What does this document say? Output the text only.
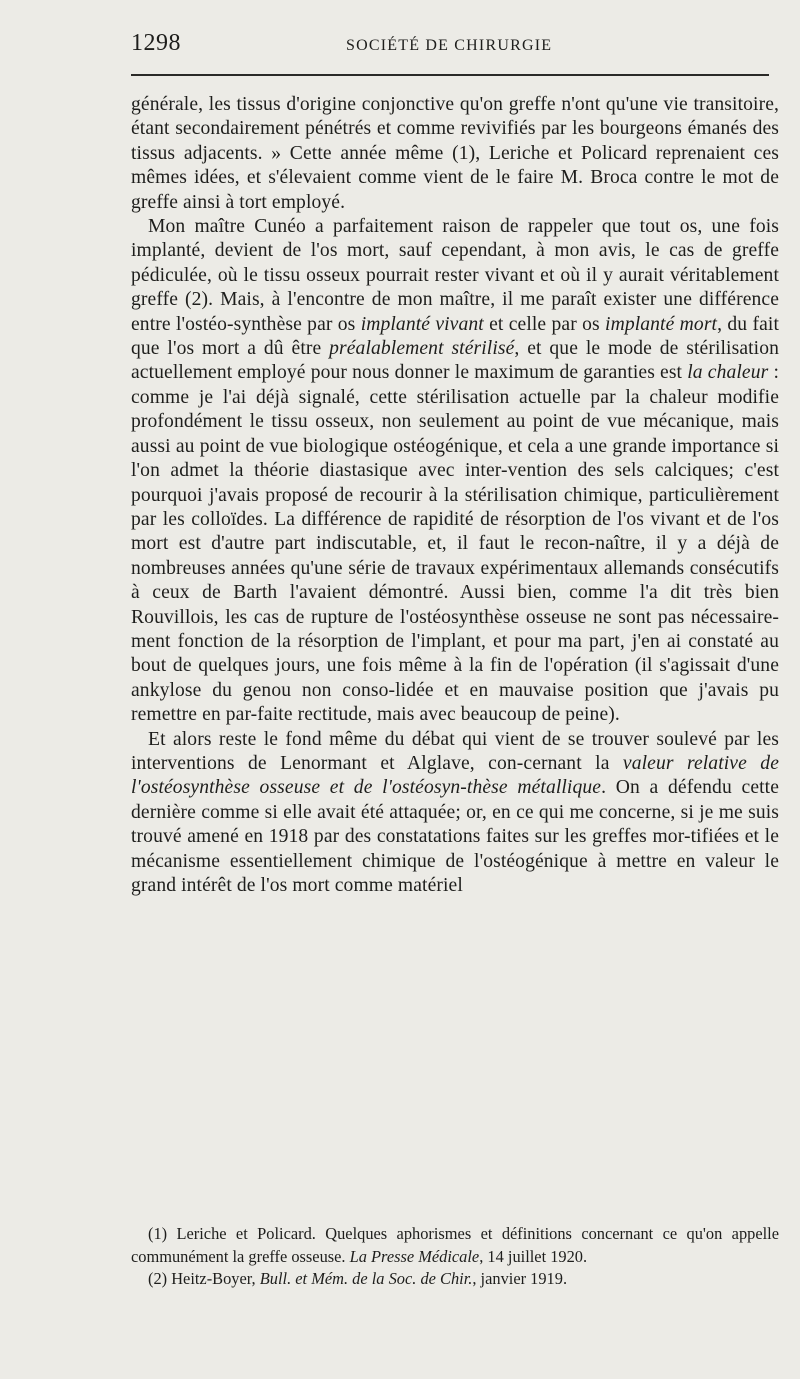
1298	SOCIÉTÉ DE CHIRURGIE

générale, les tissus d'origine conjonctive qu'on greffe n'ont qu'une vie transitoire, étant secondairement pénétrés et comme revivifiés par les bourgeons émanés des tissus adjacents. » Cette année même (1), Leriche et Policard reprenaient ces mêmes idées, et s'élevaient comme vient de le faire M. Broca contre le mot de greffe ainsi à tort employé.

Mon maître Cunéo a parfaitement raison de rappeler que tout os, une fois implanté, devient de l'os mort, sauf cependant, à mon avis, le cas de greffe pédiculée, où le tissu osseux pourrait rester vivant et où il y aurait véritablement greffe (2). Mais, à l'encontre de mon maître, il me paraît exister une différence entre l'ostéo-synthèse par os implanté vivant et celle par os implanté mort, du fait que l'os mort a dû être préalablement stérilisé, et que le mode de stérilisation actuellement employé pour nous donner le maximum de garanties est la chaleur : comme je l'ai déjà signalé, cette stérilisation actuelle par la chaleur modifie profondément le tissu osseux, non seulement au point de vue mécanique, mais aussi au point de vue biologique ostéogénique, et cela a une grande importance si l'on admet la théorie diastasique avec inter-vention des sels calciques; c'est pourquoi j'avais proposé de recourir à la stérilisation chimique, particulièrement par les colloïdes. La différence de rapidité de résorption de l'os vivant et de l'os mort est d'autre part indiscutable, et, il faut le recon-naître, il y a déjà de nombreuses années qu'une série de travaux expérimentaux allemands consécutifs à ceux de Barth l'avaient démontré. Aussi bien, comme l'a dit très bien Rouvillois, les cas de rupture de l'ostéosynthèse osseuse ne sont pas nécessaire-ment fonction de la résorption de l'implant, et pour ma part, j'en ai constaté au bout de quelques jours, une fois même à la fin de l'opération (il s'agissait d'une ankylose du genou non conso-lidée et en mauvaise position que j'avais pu remettre en par-faite rectitude, mais avec beaucoup de peine).

Et alors reste le fond même du débat qui vient de se trouver soulevé par les interventions de Lenormant et Alglave, con-cernant la valeur relative de l'ostéosynthèse osseuse et de l'ostéosyn-thèse métallique. On a défendu cette dernière comme si elle avait été attaquée; or, en ce qui me concerne, si je me suis trouvé amené en 1918 par des constatations faites sur les greffes mor-tifiées et le mécanisme essentiellement chimique de l'ostéogénique à mettre en valeur le grand intérêt de l'os mort comme matériel

(1) Leriche et Policard. Quelques aphorismes et définitions concernant ce qu'on appelle communément la greffe osseuse. La Presse Médicale, 14 juillet 1920.

(2) Heitz-Boyer, Bull. et Mém. de la Soc. de Chir., janvier 1919.
